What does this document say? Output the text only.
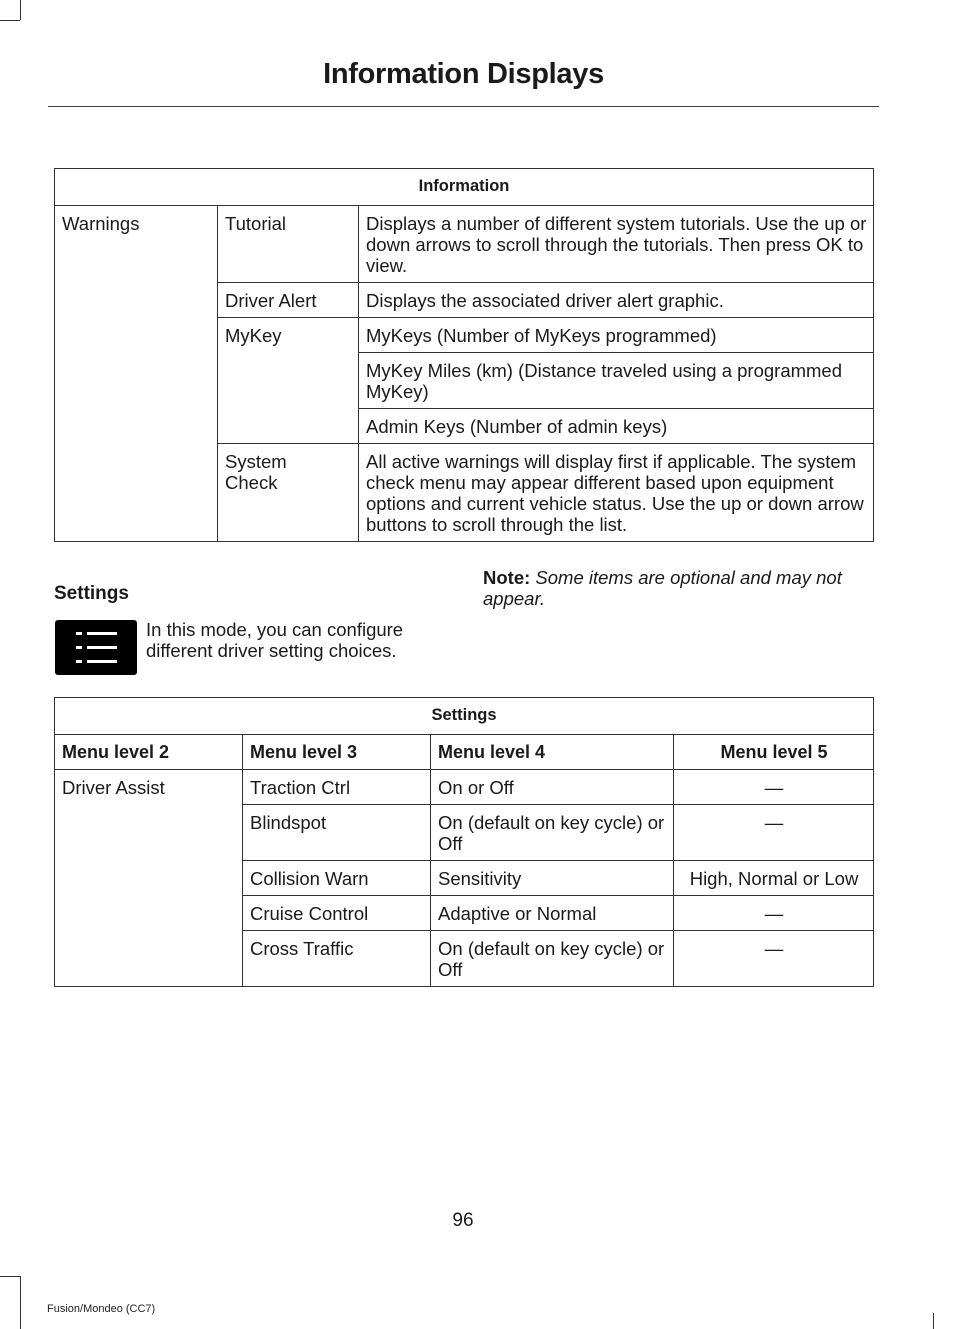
Information Displays
Information		
Warnings	Tutorial	Displays a number of different system tutorials. Use the up or down arrows to scroll through the tutorials. Then press OK to view.
	Driver Alert	Displays the associated driver alert graphic.
	MyKey	MyKeys (Number of MyKeys programmed)
		MyKey Miles (km) (Distance traveled using a programmed MyKey)
		Admin Keys (Number of admin keys)
	System Check	All active warnings will display first if applicable. The system check menu may appear different based upon equipment options and current vehicle status. Use the up or down arrow buttons to scroll through the list.
Settings
In this mode, you can configure different driver setting choices.
Note: Some items are optional and may not appear.
Settings			
Menu level 2	Menu level 3	Menu level 4	Menu level 5
Driver Assist	Traction Ctrl	On or Off	—
	Blindspot	On (default on key cycle) or Off	—
	Collision Warn	Sensitivity	High, Normal or Low
	Cruise Control	Adaptive or Normal	—
	Cross Traffic	On (default on key cycle) or Off	—
96
Fusion/Mondeo (CC7)
